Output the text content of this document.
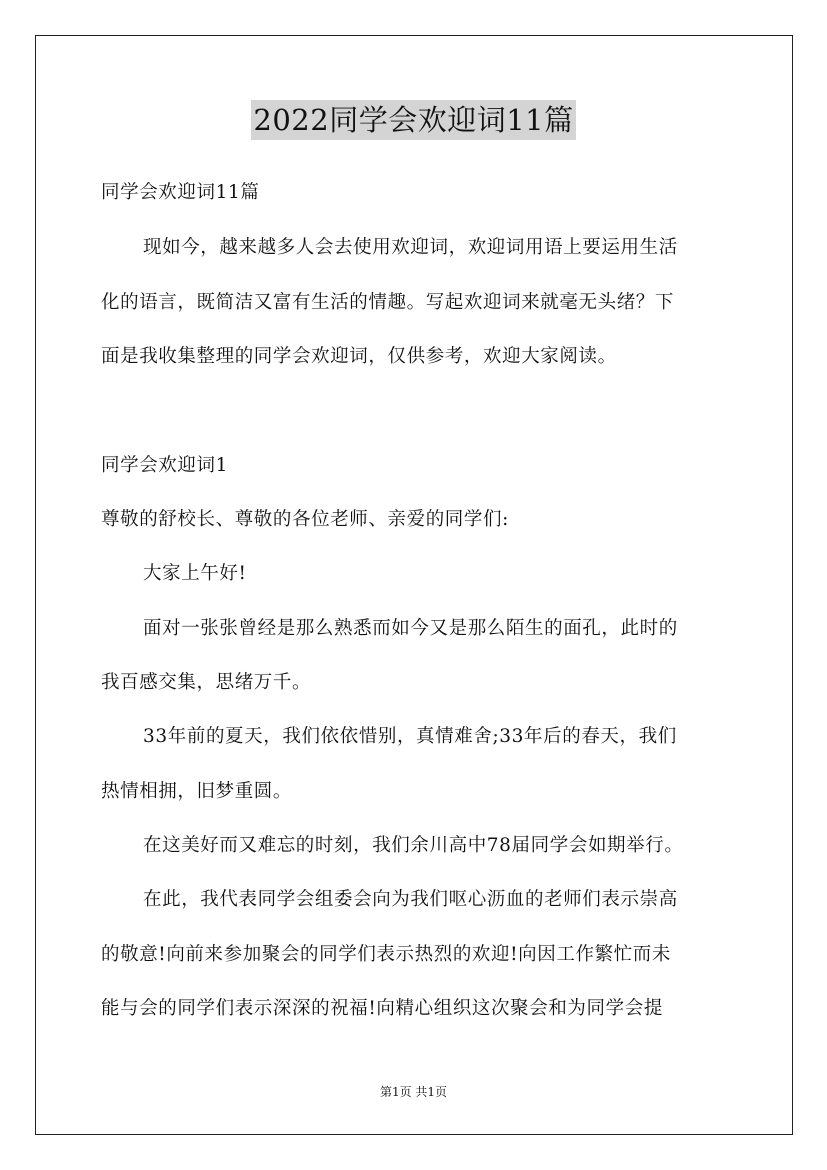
2022同学会欢迎词11篇
同学会欢迎词11篇
现如今，越来越多人会去使用欢迎词，欢迎词用语上要运用生活
化的语言，既简洁又富有生活的情趣。写起欢迎词来就毫无头绪？下
面是我收集整理的同学会欢迎词，仅供参考，欢迎大家阅读。
同学会欢迎词1
尊敬的舒校长、尊敬的各位老师、亲爱的同学们:
大家上午好!
面对一张张曾经是那么熟悉而如今又是那么陌生的面孔，此时的
我百感交集，思绪万千。
33年前的夏天，我们依依惜别，真情难舍;33年后的春天，我们
热情相拥，旧梦重圆。
在这美好而又难忘的时刻，我们余川高中78届同学会如期举行。
在此，我代表同学会组委会向为我们呕心沥血的老师们表示崇高
的敬意!向前来参加聚会的同学们表示热烈的欢迎!向因工作繁忙而未
能与会的同学们表示深深的祝福!向精心组织这次聚会和为同学会提
第1页 共1页
